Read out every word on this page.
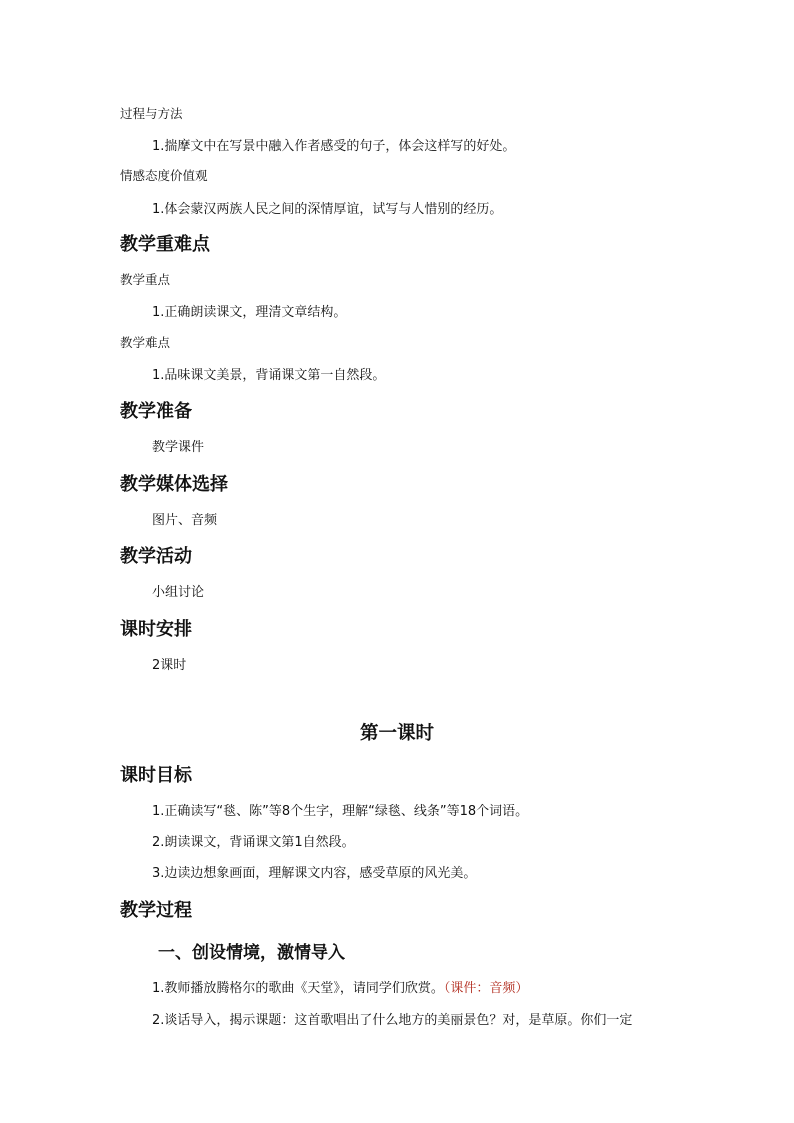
过程与方法
1.揣摩文中在写景中融入作者感受的句子，体会这样写的好处。
情感态度价值观
1.体会蒙汉两族人民之间的深情厚谊，试写与人惜别的经历。
教学重难点
教学重点
1.正确朗读课文，理清文章结构。
教学难点
1.品味课文美景，背诵课文第一自然段。
教学准备
教学课件
教学媒体选择
图片、音频
教学活动
小组讨论
课时安排
2课时
第一课时
课时目标
1.正确读写“毯、陈”等8个生字，理解“绿毯、线条”等18个词语。
2.朗读课文，背诵课文第1自然段。
3.边读边想象画面，理解课文内容，感受草原的风光美。
教学过程
一、创设情境，激情导入
1.教师播放腾格尔的歌曲《天堂》，请同学们欣赏。（课件：音频）
2.谈话导入，揭示课题：这首歌唱出了什么地方的美丽景色？对，是草原。你们一定
